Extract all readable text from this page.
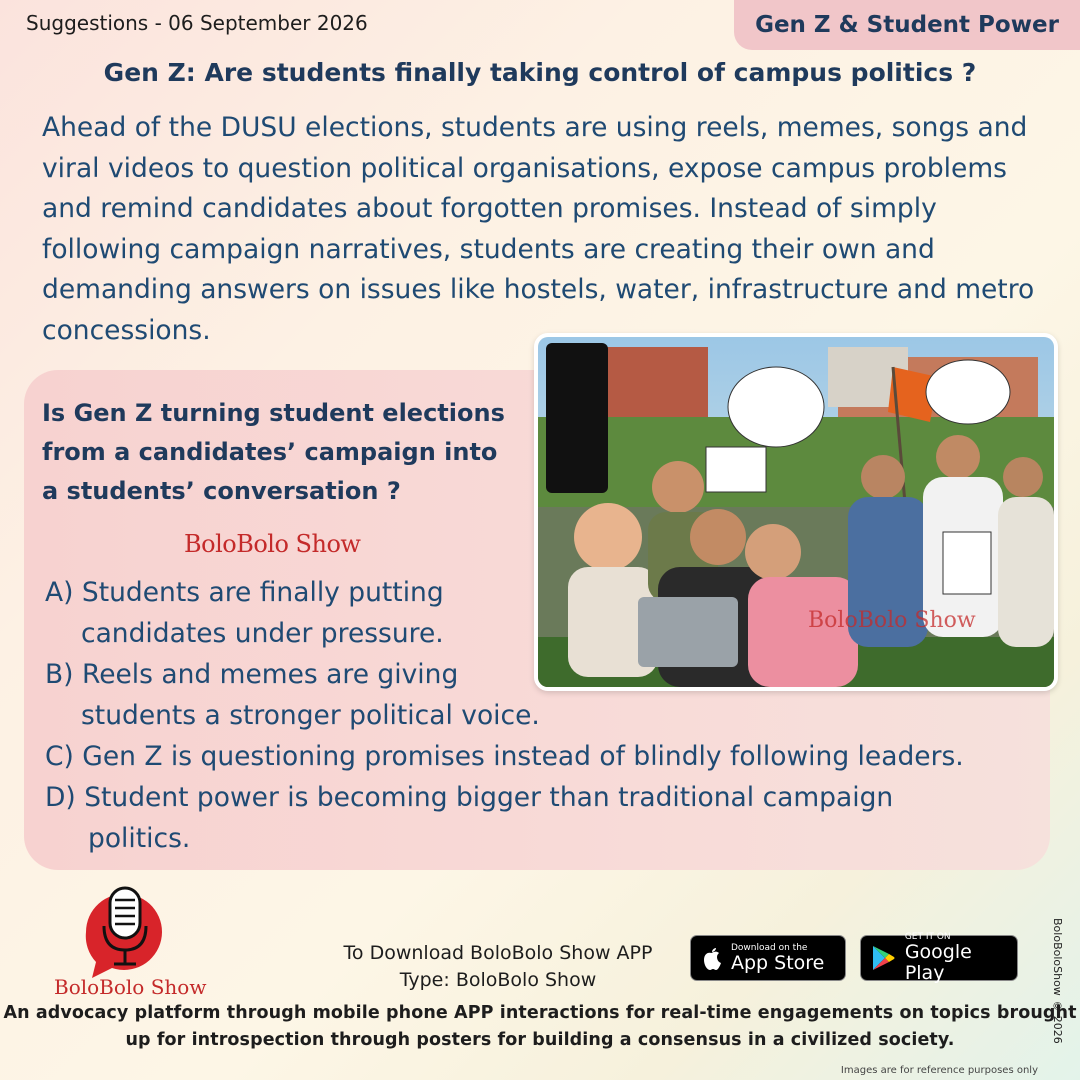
Suggestions - 06 September 2026	Gen Z & Student Power
Gen Z: Are students finally taking control of campus politics ?
Ahead of the DUSU elections, students are using reels, memes, songs and viral videos to question political organisations, expose campus problems and remind candidates about forgotten promises. Instead of simply following campaign narratives, students are creating their own and demanding answers on issues like hostels, water, infrastructure and metro concessions.
Is Gen Z turning student elections from a candidates’ campaign into a students’ conversation ?
BoloBolo Show
A) Students are finally putting
candidates under pressure.
B) Reels and memes are giving
students a stronger political voice.
C) Gen Z is questioning promises instead of blindly following leaders.
D) Student power is becoming bigger than traditional campaign
politics.
BoloBolo Show
BoloBolo Show
To Download BoloBolo Show APP
Type: BoloBolo Show
Download on the
App Store
GET IT ON
Google Play
An advocacy platform through mobile phone APP interactions for real-time engagements on topics brought up for introspection through posters for building a consensus in a civilized society.	BoloBoloShow © 2026
Images are for reference purposes only
